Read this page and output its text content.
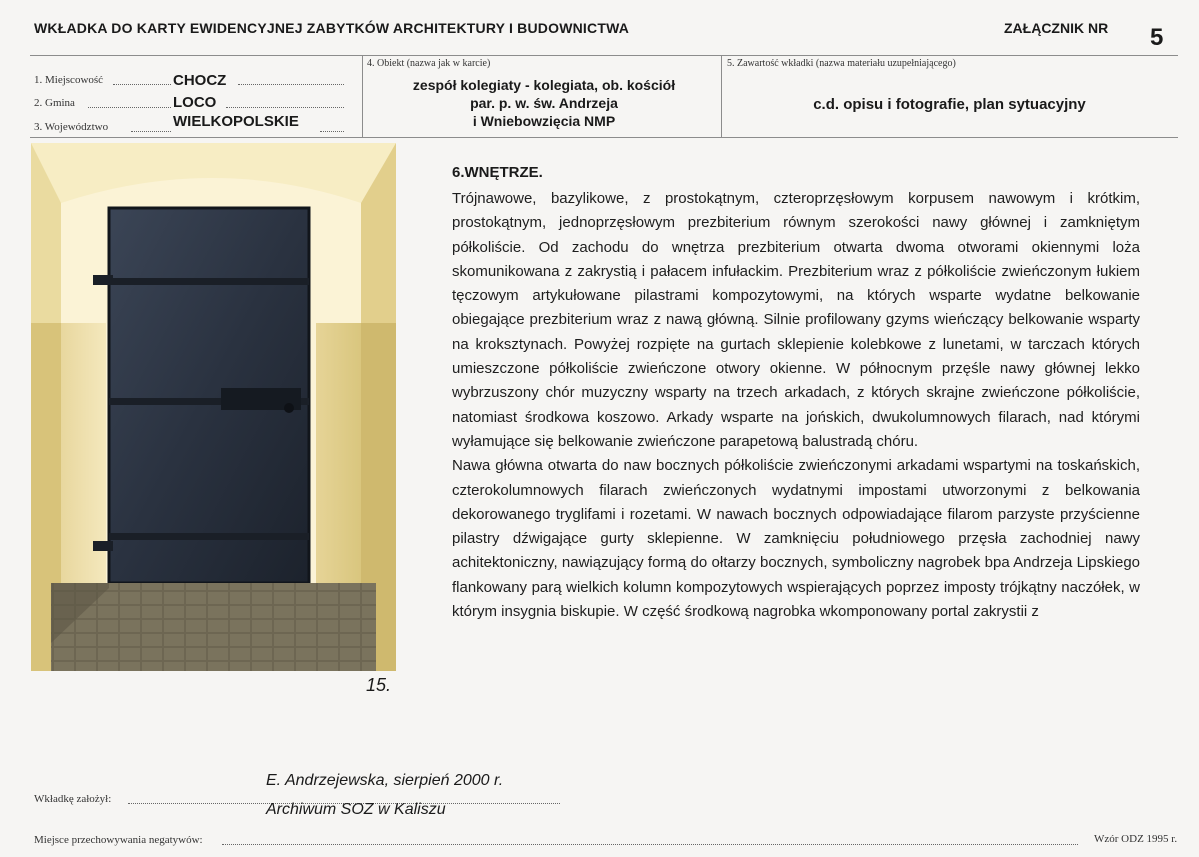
WKŁADKA DO KARTY EWIDENCYJNEJ ZABYTKÓW ARCHITEKTURY I BUDOWNICTWA	ZAŁĄCZNIK NR 5
1. Miejscowość	CHOCZ
2. Gmina	LOCO
3. Województwo	WIELKOPOLSKIE
4. Obiekt (nazwa jak w karcie)
zespół kolegiaty - kolegiata, ob. kościół
par. p. w. św. Andrzeja
i Wniebowzięcia NMP
5. Zawartość wkładki (nazwa materiału uzupełniającego)
c.d. opisu i fotografie, plan sytuacyjny
15.
6.WNĘTRZE.

Trójnawowe, bazylikowe, z prostokątnym, czteroprzęsłowym korpusem nawowym i krótkim, prostokątnym, jednoprzęsłowym prezbiterium równym szerokości nawy głównej i zamkniętym półkoliście. Od zachodu do wnętrza prezbiterium otwarta dwoma otworami okiennymi loża skomunikowana z zakrystią i pałacem infułackim. Prezbiterium wraz z półkoliście zwieńczonym łukiem tęczowym artykułowane pilastrami kompozytowymi, na których wsparte wydatne belkowanie obiegające prezbiterium wraz z nawą główną. Silnie profilowany gzyms wieńczący belkowanie wsparty na kroksztynach. Powyżej rozpięte na gurtach sklepienie kolebkowe z lunetami, w tarczach których umieszczone półkoliście zwieńczone otwory okienne. W północnym przęśle nawy głównej lekko wybrzuszony chór muzyczny wsparty na trzech arkadach, z których skrajne zwieńczone półkoliście, natomiast środkowa koszowo. Arkady wsparte na jońskich, dwukolumnowych filarach, nad którymi wyłamujące się belkowanie zwieńczone parapetową balustradą chóru.

Nawa główna otwarta do naw bocznych półkoliście zwieńczonymi arkadami wspartymi na toskańskich, czterokolumnowych filarach zwieńczonych wydatnymi impostami utworzonymi z belkowania dekorowanego tryglifami i rozetami. W nawach bocznych odpowiadające filarom parzyste przyścienne pilastry dźwigające gurty sklepienne. W zamknięciu południowego przęsła zachodniej nawy achitektoniczny, nawiązujący formą do ołtarzy bocznych, symboliczny nagrobek bpa Andrzeja Lipskiego flankowany parą wielkich kolumn kompozytowych wspierających poprzez imposty trójkątny naczółek, w którym insygnia biskupie. W część środkową nagrobka wkomponowany portal zakrystii z

E. Andrzejewska, sierpień 2000 r.
Wkładkę założył:
Archiwum SOZ w Kaliszu
Miejsce przechowywania negatywów:	Wzór ODZ 1995 r.
